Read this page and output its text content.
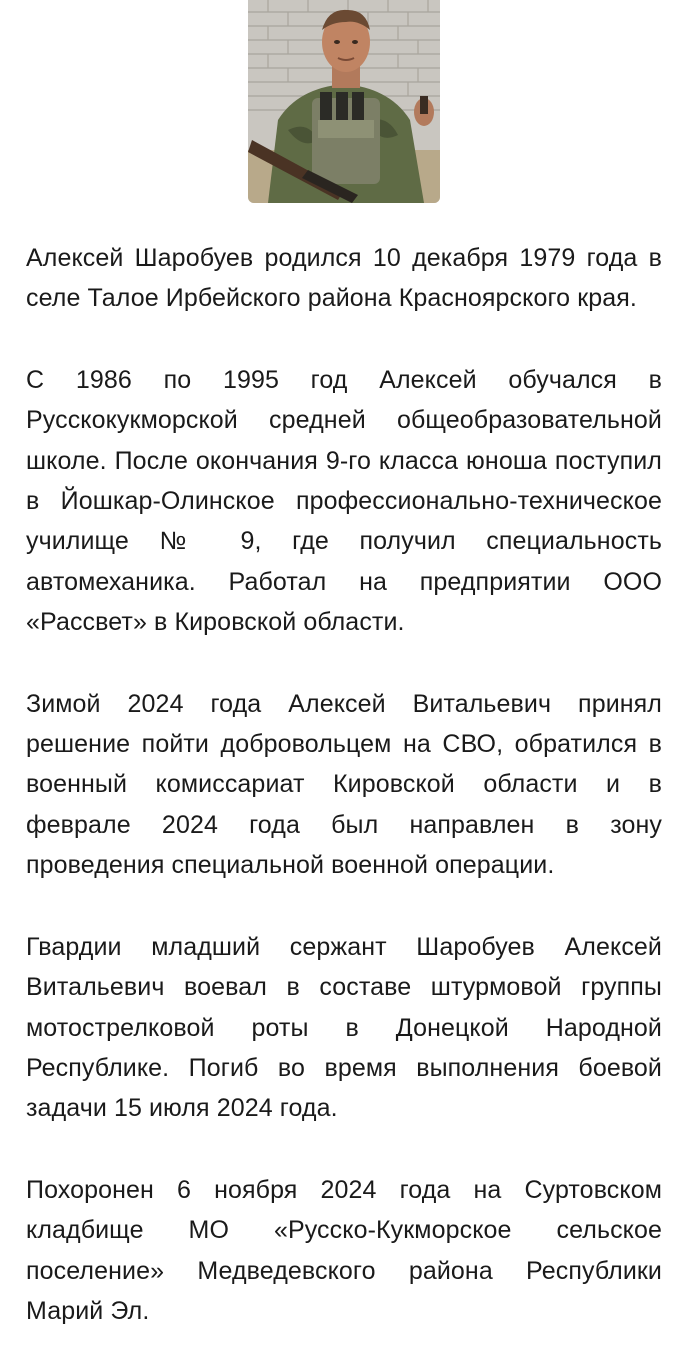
Алексей Шаробуев родился 10 декабря 1979 года в селе Талое Ирбейского района Красноярского края.

С 1986 по 1995 год Алексей обучался в Русскокукморской средней общеобразовательной школе. После окончания 9-го класса юноша поступил в Йошкар-Олинское профессионально-техническое училище № 9, где получил специальность автомеханика. Работал на предприятии ООО «Рассвет» в Кировской области.

Зимой 2024 года Алексей Витальевич принял решение пойти добровольцем на СВО, обратился в военный комиссариат Кировской области и в феврале 2024 года был направлен в зону проведения специальной военной операции.

Гвардии младший сержант Шаробуев Алексей Витальевич воевал в составе штурмовой группы мотострелковой роты в Донецкой Народной Республике. Погиб во время выполнения боевой задачи 15 июля 2024 года.

Похоронен 6 ноября 2024 года на Суртовском кладбище МО «Русско-Кукморское сельское поселение» Медведевского района Республики Марий Эл.
